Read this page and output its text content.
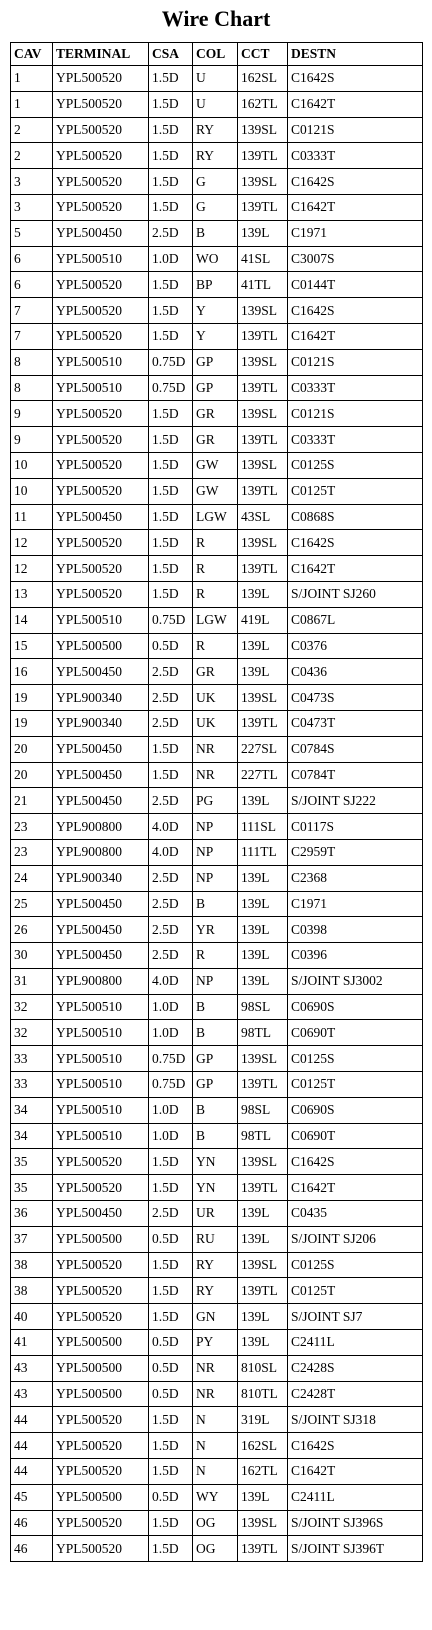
Wire Chart
CAV	TERMINAL	CSA	COL	CCT	DESTN
1	YPL500520	1.5D	U	162SL	C1642S
1	YPL500520	1.5D	U	162TL	C1642T
2	YPL500520	1.5D	RY	139SL	C0121S
2	YPL500520	1.5D	RY	139TL	C0333T
3	YPL500520	1.5D	G	139SL	C1642S
3	YPL500520	1.5D	G	139TL	C1642T
5	YPL500450	2.5D	B	139L	C1971
6	YPL500510	1.0D	WO	41SL	C3007S
6	YPL500520	1.5D	BP	41TL	C0144T
7	YPL500520	1.5D	Y	139SL	C1642S
7	YPL500520	1.5D	Y	139TL	C1642T
8	YPL500510	0.75D	GP	139SL	C0121S
8	YPL500510	0.75D	GP	139TL	C0333T
9	YPL500520	1.5D	GR	139SL	C0121S
9	YPL500520	1.5D	GR	139TL	C0333T
10	YPL500520	1.5D	GW	139SL	C0125S
10	YPL500520	1.5D	GW	139TL	C0125T
11	YPL500450	1.5D	LGW	43SL	C0868S
12	YPL500520	1.5D	R	139SL	C1642S
12	YPL500520	1.5D	R	139TL	C1642T
13	YPL500520	1.5D	R	139L	S/JOINT SJ260
14	YPL500510	0.75D	LGW	419L	C0867L
15	YPL500500	0.5D	R	139L	C0376
16	YPL500450	2.5D	GR	139L	C0436
19	YPL900340	2.5D	UK	139SL	C0473S
19	YPL900340	2.5D	UK	139TL	C0473T
20	YPL500450	1.5D	NR	227SL	C0784S
20	YPL500450	1.5D	NR	227TL	C0784T
21	YPL500450	2.5D	PG	139L	S/JOINT SJ222
23	YPL900800	4.0D	NP	111SL	C0117S
23	YPL900800	4.0D	NP	111TL	C2959T
24	YPL900340	2.5D	NP	139L	C2368
25	YPL500450	2.5D	B	139L	C1971
26	YPL500450	2.5D	YR	139L	C0398
30	YPL500450	2.5D	R	139L	C0396
31	YPL900800	4.0D	NP	139L	S/JOINT SJ3002
32	YPL500510	1.0D	B	98SL	C0690S
32	YPL500510	1.0D	B	98TL	C0690T
33	YPL500510	0.75D	GP	139SL	C0125S
33	YPL500510	0.75D	GP	139TL	C0125T
34	YPL500510	1.0D	B	98SL	C0690S
34	YPL500510	1.0D	B	98TL	C0690T
35	YPL500520	1.5D	YN	139SL	C1642S
35	YPL500520	1.5D	YN	139TL	C1642T
36	YPL500450	2.5D	UR	139L	C0435
37	YPL500500	0.5D	RU	139L	S/JOINT SJ206
38	YPL500520	1.5D	RY	139SL	C0125S
38	YPL500520	1.5D	RY	139TL	C0125T
40	YPL500520	1.5D	GN	139L	S/JOINT SJ7
41	YPL500500	0.5D	PY	139L	C2411L
43	YPL500500	0.5D	NR	810SL	C2428S
43	YPL500500	0.5D	NR	810TL	C2428T
44	YPL500520	1.5D	N	319L	S/JOINT SJ318
44	YPL500520	1.5D	N	162SL	C1642S
44	YPL500520	1.5D	N	162TL	C1642T
45	YPL500500	0.5D	WY	139L	C2411L
46	YPL500520	1.5D	OG	139SL	S/JOINT SJ396S
46	YPL500520	1.5D	OG	139TL	S/JOINT SJ396T
